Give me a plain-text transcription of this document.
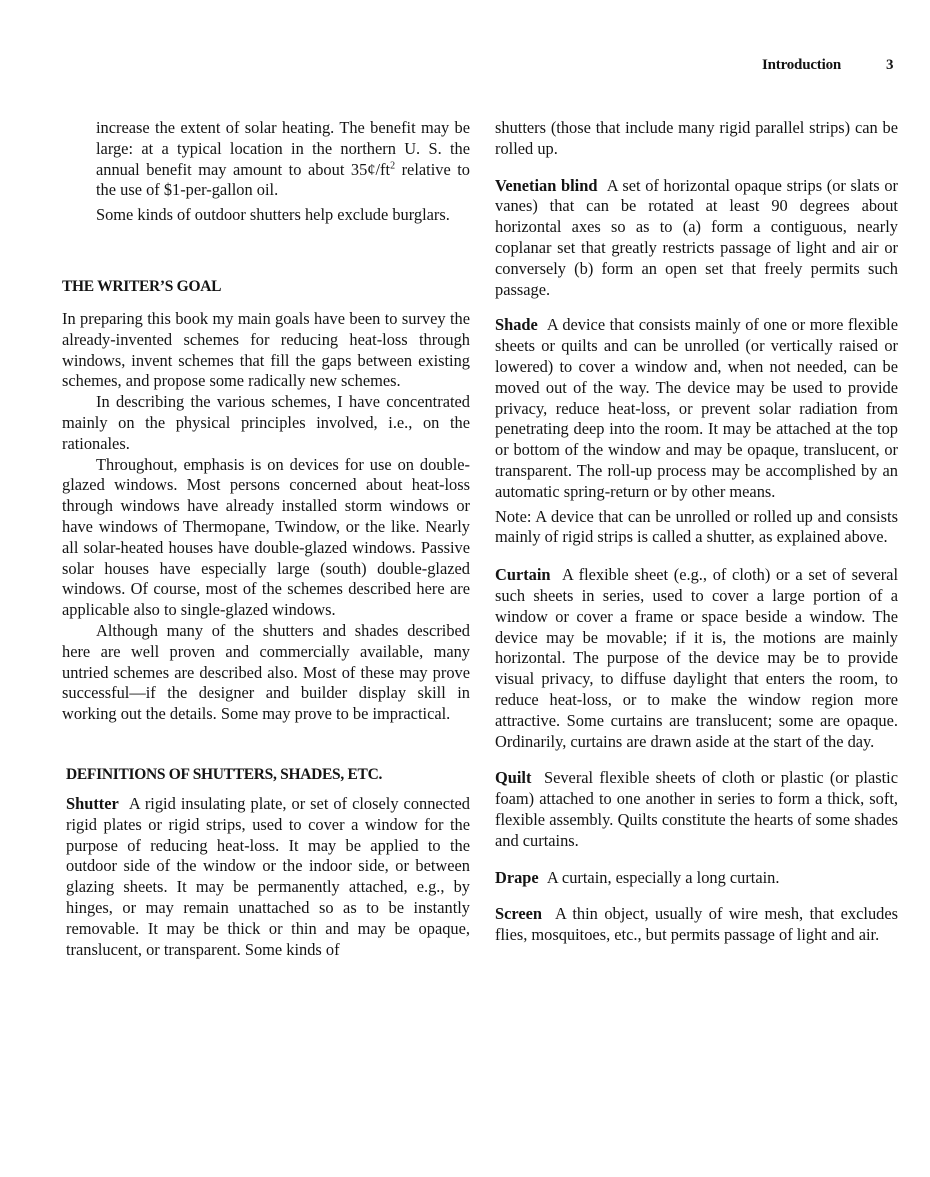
Introduction	3

increase the extent of solar heating. The benefit may be large: at a typical location in the northern U. S. the annual benefit may amount to about $35¢/ft^2$ relative to the use of $1-per-gallon oil.

Some kinds of outdoor shutters help exclude burglars.

THE WRITER’S GOAL

In preparing this book my main goals have been to survey the already-invented schemes for reducing heat-loss through windows, invent schemes that fill the gaps between existing schemes, and propose some radically new schemes.

In describing the various schemes, I have concentrated mainly on the physical principles involved, i.e., on the rationales.

Throughout, emphasis is on devices for use on double-glazed windows. Most persons concerned about heat-loss through windows have already installed storm windows or have windows of Thermopane, Twindow, or the like. Nearly all solar-heated houses have double-glazed windows. Passive solar houses have especially large (south) double-glazed windows. Of course, most of the schemes described here are applicable also to single-glazed windows.

Although many of the shutters and shades described here are well proven and commercially available, many untried schemes are described also. Most of these may prove successful—if the designer and builder display skill in working out the details. Some may prove to be impractical.

DEFINITIONS OF SHUTTERS, SHADES, ETC.

Shutter A rigid insulating plate, or set of closely connected rigid plates or rigid strips, used to cover a window for the purpose of reducing heat-loss. It may be applied to the outdoor side of the window or the indoor side, or between glazing sheets. It may be permanently attached, e.g., by hinges, or may remain unattached so as to be instantly removable. It may be thick or thin and may be opaque, translucent, or transparent. Some kinds of

shutters (those that include many rigid parallel strips) can be rolled up.

Venetian blind A set of horizontal opaque strips (or slats or vanes) that can be rotated at least 90 degrees about horizontal axes so as to (a) form a contiguous, nearly coplanar set that greatly restricts passage of light and air or conversely (b) form an open set that freely permits such passage.

Shade A device that consists mainly of one or more flexible sheets or quilts and can be unrolled (or vertically raised or lowered) to cover a window and, when not needed, can be moved out of the way. The device may be used to provide privacy, reduce heat-loss, or prevent solar radiation from penetrating deep into the room. It may be attached at the top or bottom of the window and may be opaque, translucent, or transparent. The roll-up process may be accomplished by an automatic spring-return or by other means.

Note: A device that can be unrolled or rolled up and consists mainly of rigid strips is called a shutter, as explained above.

Curtain A flexible sheet (e.g., of cloth) or a set of several such sheets in series, used to cover a large portion of a window or cover a frame or space beside a window. The device may be movable; if it is, the motions are mainly horizontal. The purpose of the device may be to provide visual privacy, to diffuse daylight that enters the room, to reduce heat-loss, or to make the window region more attractive. Some curtains are translucent; some are opaque. Ordinarily, curtains are drawn aside at the start of the day.

Quilt Several flexible sheets of cloth or plastic (or plastic foam) attached to one another in series to form a thick, soft, flexible assembly. Quilts constitute the hearts of some shades and curtains.

Drape A curtain, especially a long curtain.

Screen A thin object, usually of wire mesh, that excludes flies, mosquitoes, etc., but permits passage of light and air.
